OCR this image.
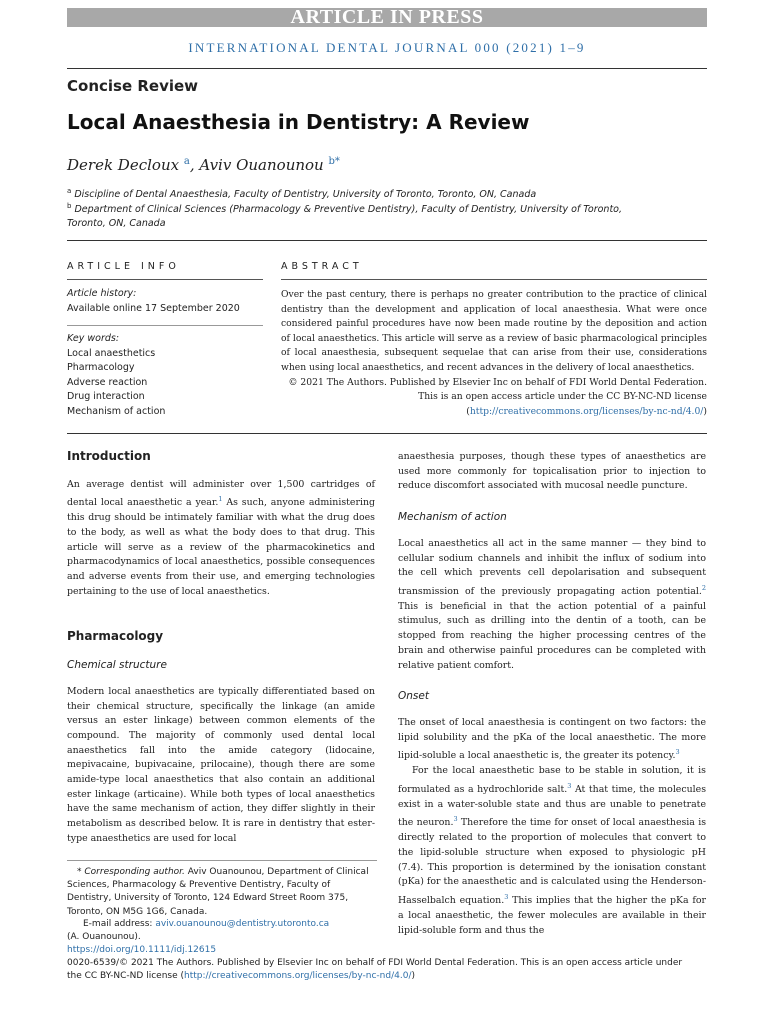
ARTICLE IN PRESS
INTERNATIONAL DENTAL JOURNAL 000 (2021) 1–9
Concise Review
Local Anaesthesia in Dentistry: A Review
Derek Decloux $^a$, Aviv Ouanounou $^{b*}$
$^a$ Discipline of Dental Anaesthesia, Faculty of Dentistry, University of Toronto, Toronto, ON, Canada
$^b$ Department of Clinical Sciences (Pharmacology & Preventive Dentistry), Faculty of Dentistry, University of Toronto, Toronto, ON, Canada
ARTICLE INFO
Article history:
Available online 17 September 2020
Key words:
Local anaesthetics
Pharmacology
Adverse reaction
Drug interaction
Mechanism of action
ABSTRACT
Over the past century, there is perhaps no greater contribution to the practice of clinical dentistry than the development and application of local anaesthesia. What were once considered painful procedures have now been made routine by the deposition and action of local anaesthetics. This article will serve as a review of basic pharmacological principles of local anaesthesia, subsequent sequelae that can arise from their use, considerations when using local anaesthetics, and recent advances in the delivery of local anaesthetics.
© 2021 The Authors. Published by Elsevier Inc on behalf of FDI World Dental Federation.
This is an open access article under the CC BY-NC-ND license
(http://creativecommons.org/licenses/by-nc-nd/4.0/)
Introduction

An average dentist will administer over 1,500 cartridges of dental local anaesthetic a year.$^1$ As such, anyone administering this drug should be intimately familiar with what the drug does to the body, as well as what the body does to that drug. This article will serve as a review of the pharmacokinetics and pharmacodynamics of local anaesthetics, possible consequences and adverse events from their use, and emerging technologies pertaining to the use of local anaesthetics.

Pharmacology
Chemical structure

Modern local anaesthetics are typically differentiated based on their chemical structure, specifically the linkage (an amide versus an ester linkage) between common elements of the compound. The majority of commonly used dental local anaesthetics fall into the amide category (lidocaine, mepivacaine, bupivacaine, prilocaine), though there are some amide-type local anaesthetics that also contain an additional ester linkage (articaine). While both types of local anaesthetics have the same mechanism of action, they differ slightly in their metabolism as described below. It is rare in dentistry that ester-type anaesthetics are used for local

anaesthesia purposes, though these types of anaesthetics are used more commonly for topicalisation prior to injection to reduce discomfort associated with mucosal needle puncture.

Mechanism of action

Local anaesthetics all act in the same manner — they bind to cellular sodium channels and inhibit the influx of sodium into the cell which prevents cell depolarisation and subsequent transmission of the previously propagating action potential.$^2$ This is beneficial in that the action potential of a painful stimulus, such as drilling into the dentin of a tooth, can be stopped from reaching the higher processing centres of the brain and otherwise painful procedures can be completed with relative patient comfort.

Onset

The onset of local anaesthesia is contingent on two factors: the lipid solubility and the pKa of the local anaesthetic. The more lipid-soluble a local anaesthetic is, the greater its potency.$^3$

For the local anaesthetic base to be stable in solution, it is formulated as a hydrochloride salt.$^3$ At that time, the molecules exist in a water-soluble state and thus are unable to penetrate the neuron.$^3$ Therefore the time for onset of local anaesthesia is directly related to the proportion of molecules that convert to the lipid-soluble structure when exposed to physiologic pH (7.4). This proportion is determined by the ionisation constant (pKa) for the anaesthetic and is calculated using the Henderson-Hasselbalch equation.$^3$ This implies that the higher the pKa for a local anaesthetic, the fewer molecules are available in their lipid-soluble form and thus the

* Corresponding author. Aviv Ouanounou, Department of Clinical Sciences, Pharmacology & Preventive Dentistry, Faculty of Dentistry, University of Toronto, 124 Edward Street Room 375, Toronto, ON M5G 1G6, Canada.
E-mail address: aviv.ouanounou@dentistry.utoronto.ca
(A. Ouanounou).
https://doi.org/10.1111/idj.12615
0020-6539/© 2021 The Authors. Published by Elsevier Inc on behalf of FDI World Dental Federation. This is an open access article under
the CC BY-NC-ND license (http://creativecommons.org/licenses/by-nc-nd/4.0/)
